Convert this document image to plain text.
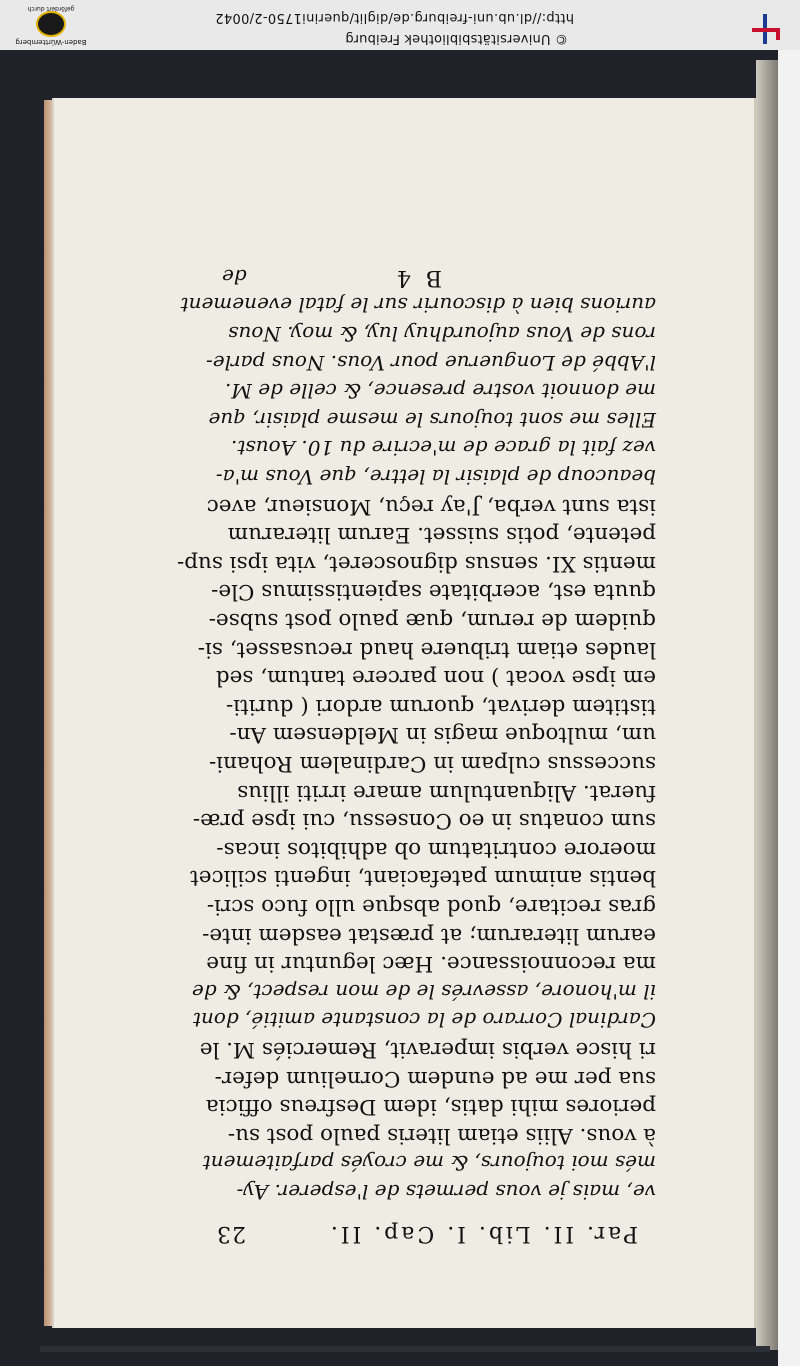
© Universitätsbibliothek Freiburg
http://dl.ub.uni-freiburg.de/diglit/querini1750-2/0042
Baden-Württemberg
gefördert durch
Par. II. Lib. I. Cap. II.
23
ve, mais je vous permets de l'esperer. Ay-
més moi toujours, & me croyés parfaitement
à vous. Aliis etiam literis paulo post su-
periores mihi datis, idem Desfreus officia
sua per me ad eundem Cornelium defer-
ri hisce verbis imperavit, Remerciés M. le
Cardinal Corraro de la constante amitié, dont
il m'honore, assevrés le de mon respect, & de
ma reconnoissance. Hæc leguntur in fine
earum literarum; at præstat easdem inte-
gras recitare, quod absque ullo fuco scri-
bentis animum patefaciant, ingenti scilicet
moerore contritatum ob adhibitos incas-
sum conatus in eo Consessu, cui ipse præ-
fuerat. Aliquantulum amare irriti illius
successus culpam in Cardinalem Rohani-
um, multoque magis in Meldensem An-
tistitem derivat, quorum ardori ( duriti-
em ipse vocat ) non parcere tantum, sed
laudes etiam tribuere haud recusasset, si-
quidem de rerum, quæ paulo post subse-
quuta est, acerbitate sapientissimus Cle-
mentis XI. sensus dignosceret, vita ipsi sup-
petente, potis suisset. Earum literarum
ista sunt verba, J'ay reçu, Monsieur, avec
beaucoup de plaisir la lettre, que Vous m'a-
vez fait la grace de m'ecrire du 10. Aoust.
Elles me sont toujours le mesme plaisir, que
me donnoit vostre presence, & celle de M.
l'Abbé de Longuerue pour Vous. Nous parle-
rons de Vous aujourdhuy luy, & moy. Nous
aurions bien à discourir sur le fatal evenement
B 4
de
